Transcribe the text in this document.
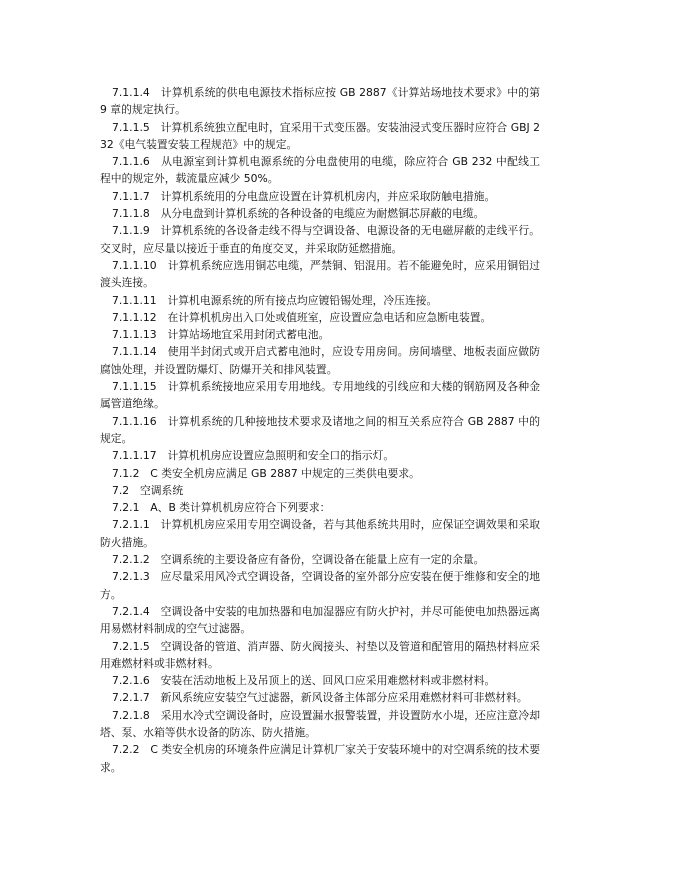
7.1.1.4　计算机系统的供电电源技术指标应按 GB 2887《计算站场地技术要求》中的第 9 章的规定执行。

7.1.1.5　计算机系统独立配电时，宜采用干式变压器。安装油浸式变压器时应符合 GBJ 232《电气装置安装工程规范》中的规定。

7.1.1.6　从电源室到计算机电源系统的分电盘使用的电缆，除应符合 GB 232 中配线工程中的规定外，载流量应减少 50%。

7.1.1.7　计算机系统用的分电盘应设置在计算机机房内，并应采取防触电措施。

7.1.1.8　从分电盘到计算机系统的各种设备的电缆应为耐燃铜芯屏蔽的电缆。

7.1.1.9　计算机系统的各设备走线不得与空调设备、电源设备的无电磁屏蔽的走线平行。交叉时，应尽量以接近于垂直的角度交叉，并采取防延燃措施。

7.1.1.10　计算机系统应选用铜芯电缆，严禁铜、铝混用。若不能避免时，应采用铜铝过渡头连接。

7.1.1.11　计算机电源系统的所有接点均应镀铅锡处理，冷压连接。

7.1.1.12　在计算机机房出入口处或值班室，应设置应急电话和应急断电装置。

7.1.1.13　计算站场地宜采用封闭式蓄电池。

7.1.1.14　使用半封闭式或开启式蓄电池时，应设专用房间。房间墙壁、地板表面应做防腐蚀处理，并设置防爆灯、防爆开关和排风装置。

7.1.1.15　计算机系统接地应采用专用地线。专用地线的引线应和大楼的钢筋网及各种金属管道绝缘。

7.1.1.16　计算机系统的几种接地技术要求及诸地之间的相互关系应符合 GB 2887 中的规定。

7.1.1.17　计算机机房应设置应急照明和安全口的指示灯。

7.1.2　C 类安全机房应满足 GB 2887 中规定的三类供电要求。

7.2　空调系统

7.2.1　A、B 类计算机机房应符合下列要求：

7.2.1.1　计算机机房应采用专用空调设备，若与其他系统共用时，应保证空调效果和采取防火措施。

7.2.1.2　空调系统的主要设备应有备份，空调设备在能量上应有一定的余量。

7.2.1.3　应尽量采用风冷式空调设备，空调设备的室外部分应安装在便于维修和安全的地方。

7.2.1.4　空调设备中安装的电加热器和电加湿器应有防火护衬，并尽可能使电加热器远离用易燃材料制成的空气过滤器。

7.2.1.5　空调设备的管道、消声器、防火阀接头、衬垫以及管道和配管用的隔热材料应采用难燃材料或非燃材料。

7.2.1.6　安装在活动地板上及吊顶上的送、回风口应采用难燃材料或非燃材料。

7.2.1.7　新风系统应安装空气过滤器，新风设备主体部分应采用难燃材料可非燃材料。

7.2.1.8　采用水冷式空调设备时，应设置漏水报警装置，并设置防水小堤，还应注意冷却塔、泵、水箱等供水设备的防冻、防火措施。

7.2.2　C 类安全机房的环境条件应满足计算机厂家关于安装环境中的对空凋系统的技术要求。
